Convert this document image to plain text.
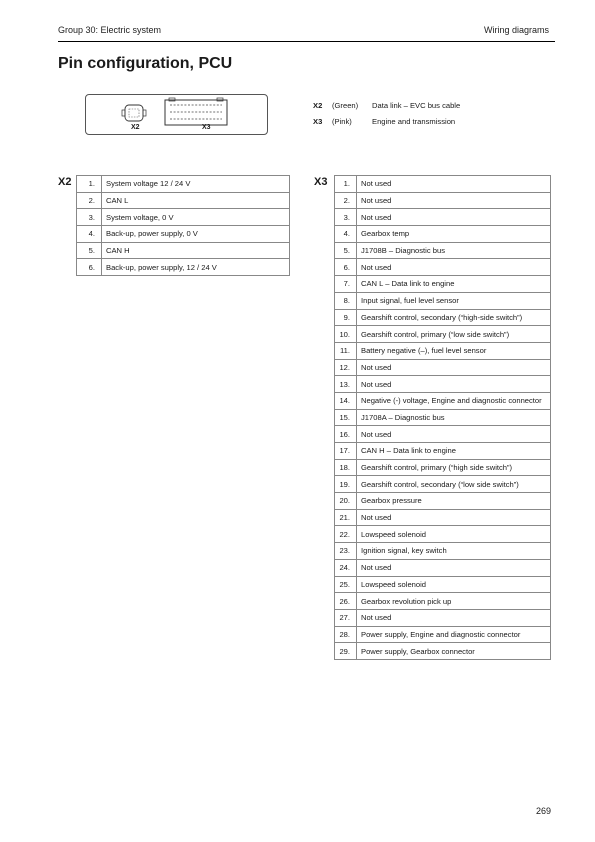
Group 30: Electric system	Wiring diagrams
Pin configuration, PCU
X2	X3
X2 (Green) Data link – EVC bus cable
X3 (Pink)	Engine and transmission
X2 1.	System voltage 12 / 24 V
2.	CAN L
3.	System voltage, 0 V
4.	Back-up, power supply, 0 V
5.	CAN H
6.	Back-up, power supply, 12 / 24 V
X3 1.	Not used
2.	Not used
3.	Not used
4.	Gearbox temp
5.	J1708B – Diagnostic bus
6.	Not used
7.	CAN L – Data link to engine
8.	Input signal, fuel level sensor
9.	Gearshift control, secondary (“high-side switch”)
10.	Gearshift control, primary (“low side switch”)
11.	Battery negative (–), fuel level sensor
12.	Not used
13.	Not used
14.	Negative (-) voltage, Engine and diagnostic connector
15.	J1708A – Diagnostic bus
16.	Not used
17.	CAN H – Data link to engine
18.	Gearshift control, primary (“high side switch”)
19.	Gearshift control, secondary (“low side switch”)
20.	Gearbox pressure
21.	Not used
22.	Lowspeed solenoid
23.	Ignition signal, key switch
24.	Not used
25.	Lowspeed solenoid
26.	Gearbox revolution pick up
27.	Not used
28.	Power supply, Engine and diagnostic connector
29.	Power supply, Gearbox connector
269
